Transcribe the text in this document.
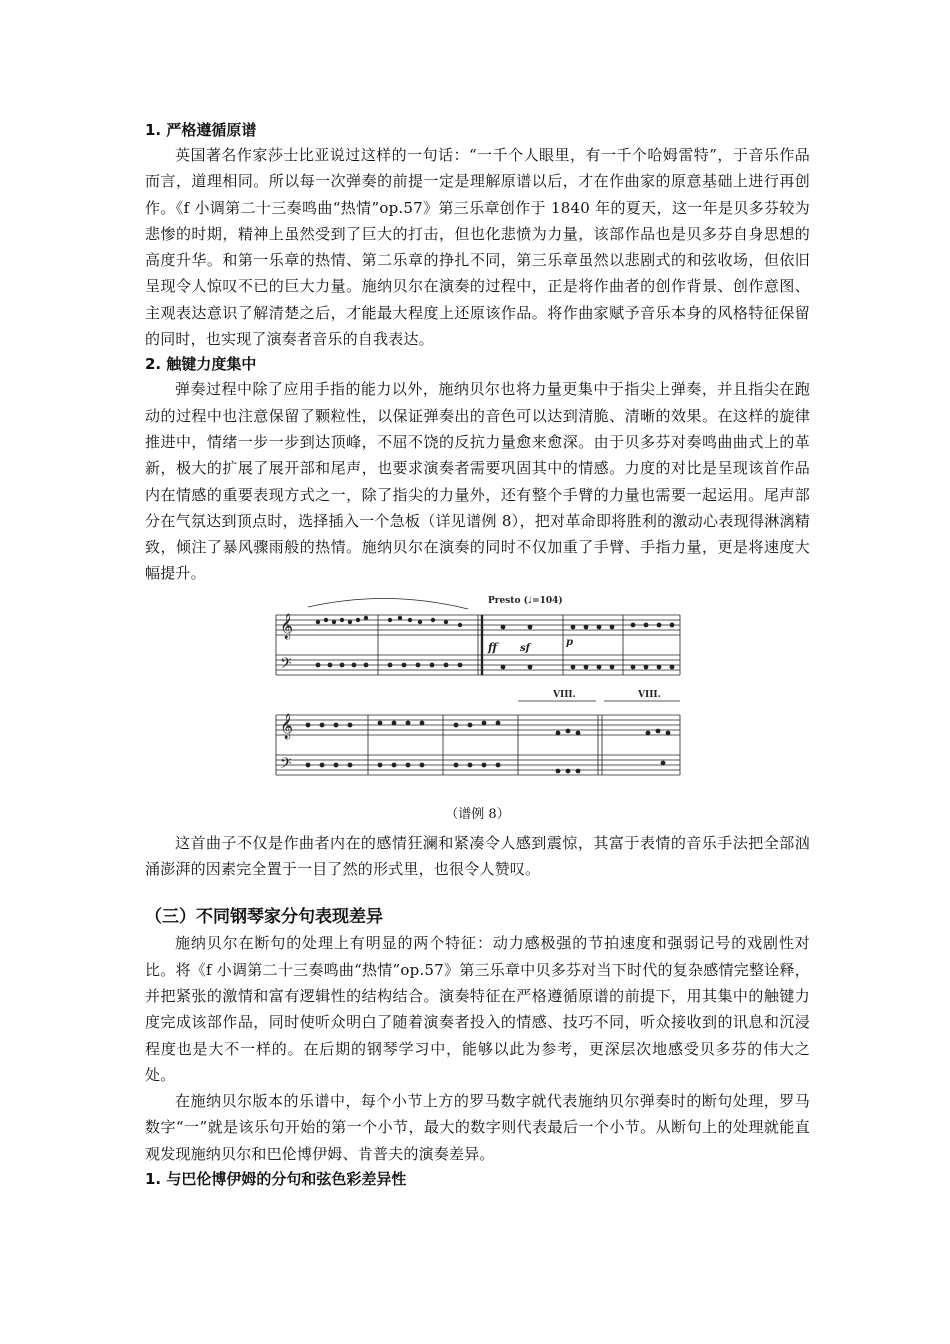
1. 严格遵循原谱

英国著名作家莎士比亚说过这样的一句话：“一千个人眼里，有一千个哈姆雷特”，于音乐作品而言，道理相同。所以每一次弹奏的前提一定是理解原谱以后，才在作曲家的原意基础上进行再创作。《f 小调第二十三奏鸣曲“热情”op.57》第三乐章创作于 1840 年的夏天，这一年是贝多芬较为悲惨的时期，精神上虽然受到了巨大的打击，但也化悲愤为力量，该部作品也是贝多芬自身思想的高度升华。和第一乐章的热情、第二乐章的挣扎不同，第三乐章虽然以悲剧式的和弦收场，但依旧呈现令人惊叹不已的巨大力量。施纳贝尔在演奏的过程中，正是将作曲者的创作背景、创作意图、主观表达意识了解清楚之后，才能最大程度上还原该作品。将作曲家赋予音乐本身的风格特征保留的同时，也实现了演奏者音乐的自我表达。

2. 触键力度集中

弹奏过程中除了应用手指的能力以外，施纳贝尔也将力量更集中于指尖上弹奏，并且指尖在跑动的过程中也注意保留了颗粒性，以保证弹奏出的音色可以达到清脆、清晰的效果。在这样的旋律推进中，情绪一步一步到达顶峰，不屈不饶的反抗力量愈来愈深。由于贝多芬对奏鸣曲曲式上的革新，极大的扩展了展开部和尾声，也要求演奏者需要巩固其中的情感。力度的对比是呈现该首作品内在情感的重要表现方式之一，除了指尖的力量外，还有整个手臂的力量也需要一起运用。尾声部分在气氛达到顶点时，选择插入一个急板（详见谱例 8），把对革命即将胜利的激动心表现得淋漓精致，倾注了暴风骤雨般的热情。施纳贝尔在演奏的同时不仅加重了手臂、手指力量，更是将速度大幅提升。

Presto (♩=104)
ff sf
p
𝄞
𝄢
VIII.	VIII.
𝄞
𝄢

（谱例 8）

这首曲子不仅是作曲者内在的感情狂澜和紧凑令人感到震惊，其富于表情的音乐手法把全部汹涌澎湃的因素完全置于一目了然的形式里，也很令人赞叹。

（三）不同钢琴家分句表现差异

施纳贝尔在断句的处理上有明显的两个特征：动力感极强的节拍速度和强弱记号的戏剧性对比。将《f 小调第二十三奏鸣曲“热情”op.57》第三乐章中贝多芬对当下时代的复杂感情完整诠释，并把紧张的激情和富有逻辑性的结构结合。演奏特征在严格遵循原谱的前提下，用其集中的触键力度完成该部作品，同时使听众明白了随着演奏者投入的情感、技巧不同，听众接收到的讯息和沉浸程度也是大不一样的。在后期的钢琴学习中，能够以此为参考，更深层次地感受贝多芬的伟大之处。

在施纳贝尔版本的乐谱中，每个小节上方的罗马数字就代表施纳贝尔弹奏时的断句处理，罗马数字“一”就是该乐句开始的第一个小节，最大的数字则代表最后一个小节。从断句上的处理就能直观发现施纳贝尔和巴伦博伊姆、肯普夫的演奏差异。

1. 与巴伦博伊姆的分句和弦色彩差异性
